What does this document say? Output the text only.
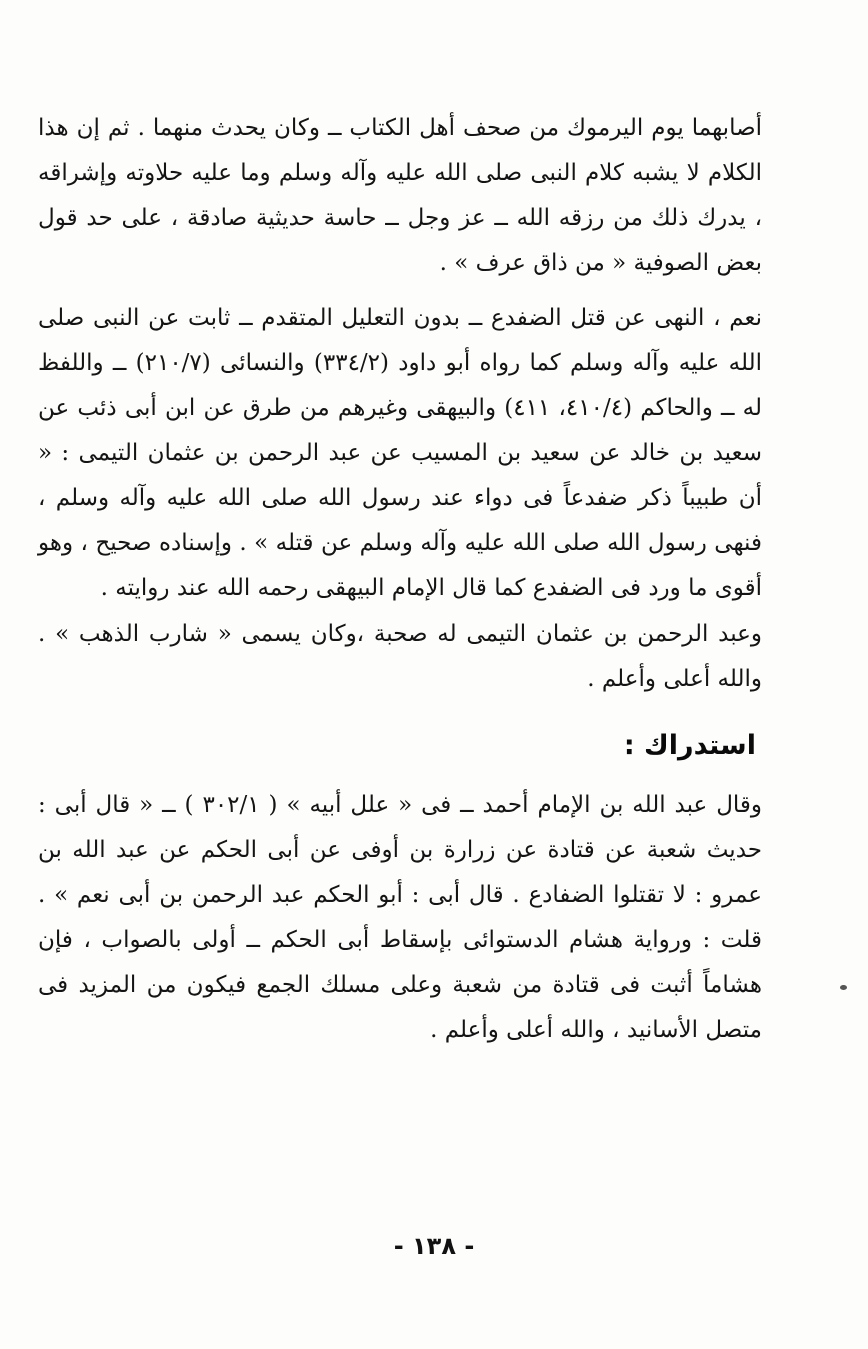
أصابهما يوم اليرموك من صحف أهل الكتاب ــ وكان يحدث منهما . ثم إن هذا الكلام لا يشبه كلام النبى صلى الله عليه وآله وسلم وما عليه حلاوته وإشراقه ، يدرك ذلك من رزقه الله ــ عز وجل ــ حاسة حديثية صادقة ، على حد قول بعض الصوفية « من ذاق عرف » .

نعم ، النهى عن قتل الضفدع ــ بدون التعليل المتقدم ــ ثابت عن النبى صلى الله عليه وآله وسلم كما رواه أبو داود (٣٣٤/٢) والنسائى (٢١٠/٧) ــ واللفظ له ــ والحاكم (٤١٠/٤، ٤١١) والبيهقى وغيرهم من طرق عن ابن أبى ذئب عن سعيد بن خالد عن سعيد بن المسيب عن عبد الرحمن بن عثمان التيمى : « أن طبيباً ذكر ضفدعاً فى دواء عند رسول الله صلى الله عليه وآله وسلم ، فنهى رسول الله صلى الله عليه وآله وسلم عن قتله » . وإسناده صحيح ، وهو أقوى ما ورد فى الضفدع كما قال الإمام البيهقى رحمه الله عند روايته .

وعبد الرحمن بن عثمان التيمى له صحبة ،وكان يسمى « شارب الذهب » . والله أعلى وأعلم .

استدراك :

وقال عبد الله بن الإمام أحمد ــ فى « علل أبيه » ( ٣٠٢/١ ) ــ « قال أبى : حديث شعبة عن قتادة عن زرارة بن أوفى عن أبى الحكم عن عبد الله بن عمرو : لا تقتلوا الضفادع . قال أبى : أبو الحكم عبد الرحمن بن أبى نعم » . قلت : ورواية هشام الدستوائى بإسقاط أبى الحكم ــ أولى بالصواب ، فإن هشاماً أثبت فى قتادة من شعبة وعلى مسلك الجمع فيكون من المزيد فى متصل الأسانيد ، والله أعلى وأعلم .

- ١٣٨ -
